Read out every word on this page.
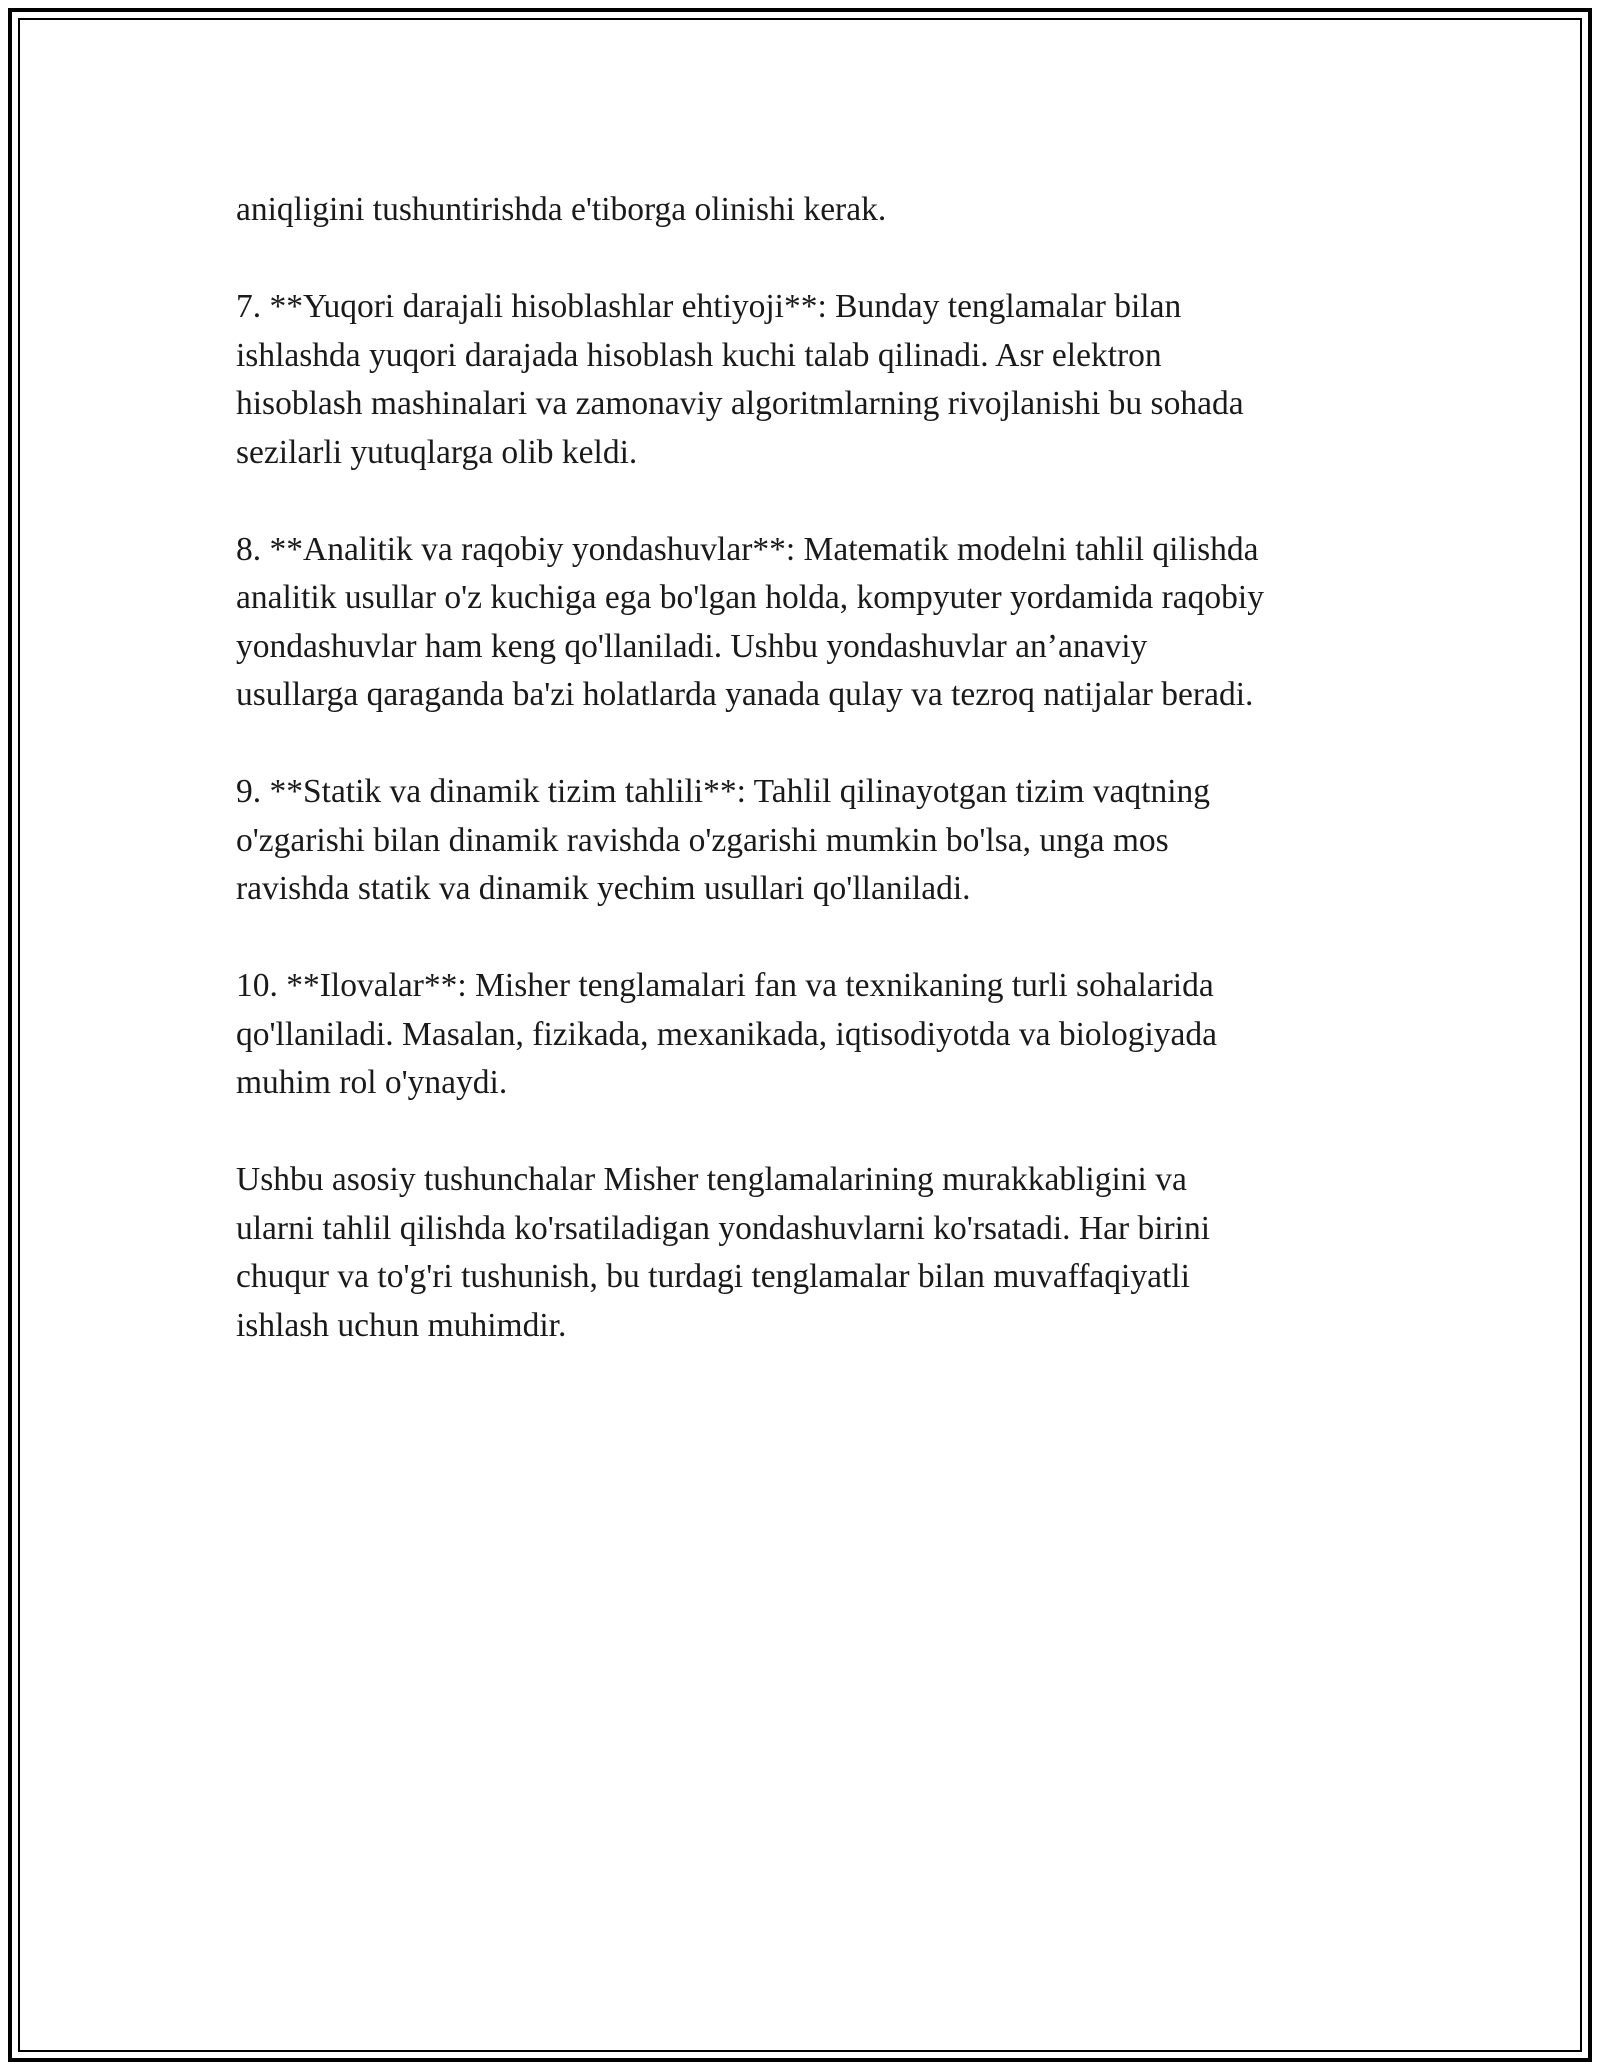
aniqligini tushuntirishda e'tiborga olinishi kerak.

7. **Yuqori darajali hisoblashlar ehtiyoji**: Bunday tenglamalar bilan
ishlashda yuqori darajada hisoblash kuchi talab qilinadi. Asr elektron
hisoblash mashinalari va zamonaviy algoritmlarning rivojlanishi bu sohada
sezilarli yutuqlarga olib keldi.

8. **Analitik va raqobiy yondashuvlar**: Matematik modelni tahlil qilishda
analitik usullar o'z kuchiga ega bo'lgan holda, kompyuter yordamida raqobiy
yondashuvlar ham keng qo'llaniladi. Ushbu yondashuvlar an’anaviy
usullarga qaraganda ba'zi holatlarda yanada qulay va tezroq natijalar beradi.

9. **Statik va dinamik tizim tahlili**: Tahlil qilinayotgan tizim vaqtning
o'zgarishi bilan dinamik ravishda o'zgarishi mumkin bo'lsa, unga mos
ravishda statik va dinamik yechim usullari qo'llaniladi.

10. **Ilovalar**: Misher tenglamalari fan va texnikaning turli sohalarida
qo'llaniladi. Masalan, fizikada, mexanikada, iqtisodiyotda va biologiyada
muhim rol o'ynaydi.

Ushbu asosiy tushunchalar Misher tenglamalarining murakkabligini va
ularni tahlil qilishda ko'rsatiladigan yondashuvlarni ko'rsatadi. Har birini
chuqur va to'g'ri tushunish, bu turdagi tenglamalar bilan muvaffaqiyatli
ishlash uchun muhimdir.
